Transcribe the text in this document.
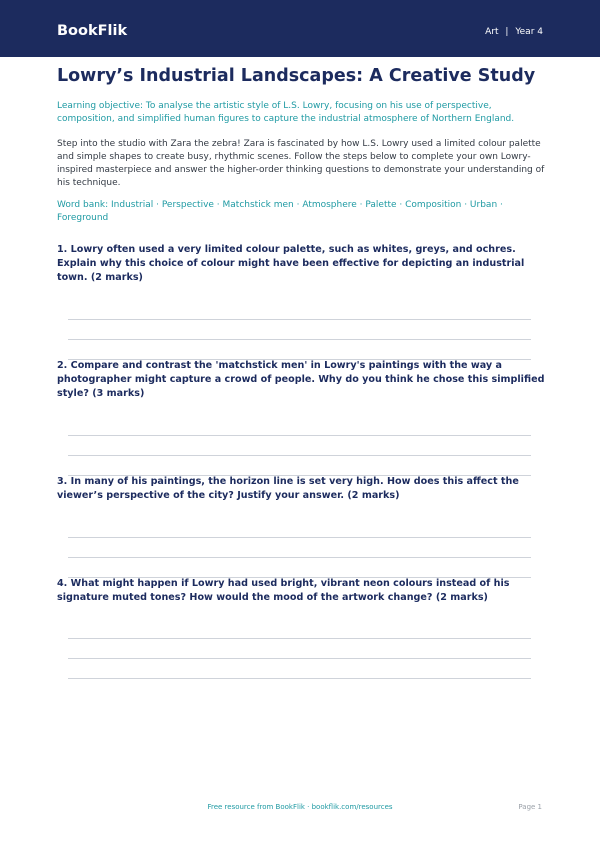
BookFlik	Art | Year 4
Lowry’s Industrial Landscapes: A Creative Study
Learning objective: To analyse the artistic style of L.S. Lowry, focusing on his use of perspective, composition, and simplified human figures to capture the industrial atmosphere of Northern England.
Step into the studio with Zara the zebra! Zara is fascinated by how L.S. Lowry used a limited colour palette and simple shapes to create busy, rhythmic scenes. Follow the steps below to complete your own Lowry-inspired masterpiece and answer the higher-order thinking questions to demonstrate your understanding of his technique.
Word bank: Industrial · Perspective · Matchstick men · Atmosphere · Palette · Composition · Urban · Foreground
1. Lowry often used a very limited colour palette, such as whites, greys, and ochres. Explain why this choice of colour might have been effective for depicting an industrial town. (2 marks)
2. Compare and contrast the 'matchstick men' in Lowry's paintings with the way a photographer might capture a crowd of people. Why do you think he chose this simplified style? (3 marks)
3. In many of his paintings, the horizon line is set very high. How does this affect the viewer’s perspective of the city? Justify your answer. (2 marks)
4. What might happen if Lowry had used bright, vibrant neon colours instead of his signature muted tones? How would the mood of the artwork change? (2 marks)
Free resource from BookFlik · bookflik.com/resources	Page 1
